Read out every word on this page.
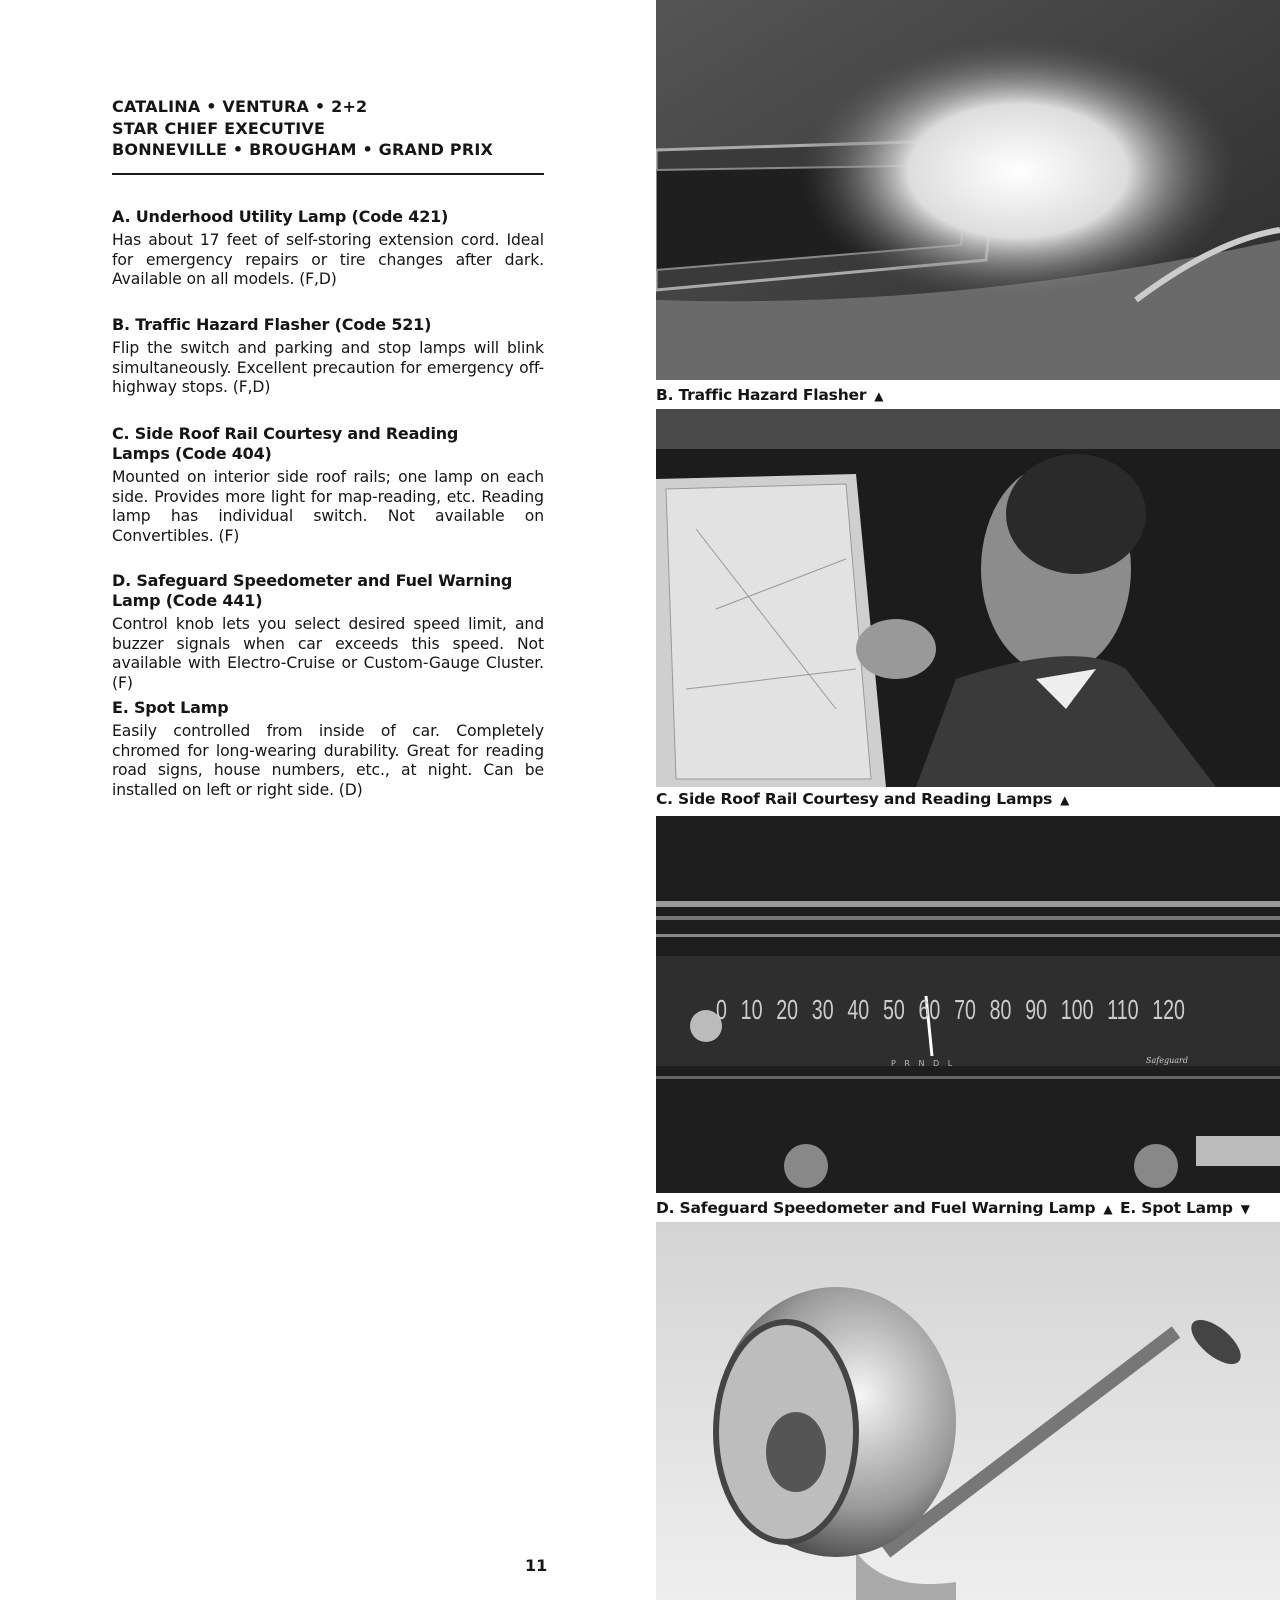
CATALINA • VENTURA • 2+2
STAR CHIEF EXECUTIVE
BONNEVILLE • BROUGHAM • GRAND PRIX
A. Underhood Utility Lamp (Code 421)

Has about 17 feet of self-storing extension cord. Ideal for emergency repairs or tire changes after dark. Available on all models. (F,D)

B. Traffic Hazard Flasher (Code 521)

Flip the switch and parking and stop lamps will blink simultaneously. Excellent precaution for emergency off-highway stops. (F,D)

C. Side Roof Rail Courtesy and Reading Lamps (Code 404)

Mounted on interior side roof rails; one lamp on each side. Provides more light for map-reading, etc. Reading lamp has individual switch. Not available on Convertibles. (F)

D. Safeguard Speedometer and Fuel Warning Lamp (Code 441)

Control knob lets you select desired speed limit, and buzzer signals when car exceeds this speed. Not available with Electro-Cruise or Custom-Gauge Cluster. (F)

E. Spot Lamp

Easily controlled from inside of car. Completely chromed for long-wearing durability. Great for reading road signs, house numbers, etc., at night. Can be installed on left or right side. (D)

B. Traffic Hazard Flasher ▲
C. Side Roof Rail Courtesy and Reading Lamps ▲
0 10 20 30 40 50 60 70 80 90 100 110 120
P R N D L	Safeguard
D. Safeguard Speedometer and Fuel Warning Lamp ▲ E. Spot Lamp ▼
11
